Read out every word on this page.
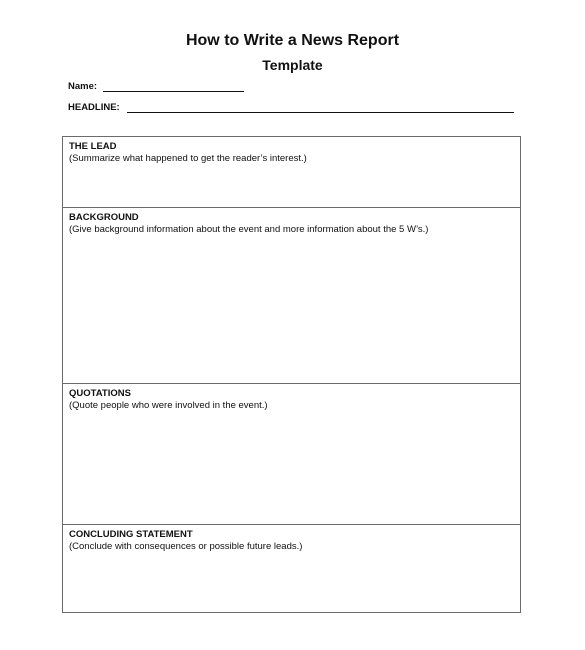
How to Write a News Report
Template
Name:
HEADLINE:
THE LEAD
(Summarize what happened to get the reader’s interest.)
BACKGROUND
(Give background information about the event and more information about the 5 W’s.)
QUOTATIONS
(Quote people who were involved in the event.)
CONCLUDING STATEMENT
(Conclude with consequences or possible future leads.)
